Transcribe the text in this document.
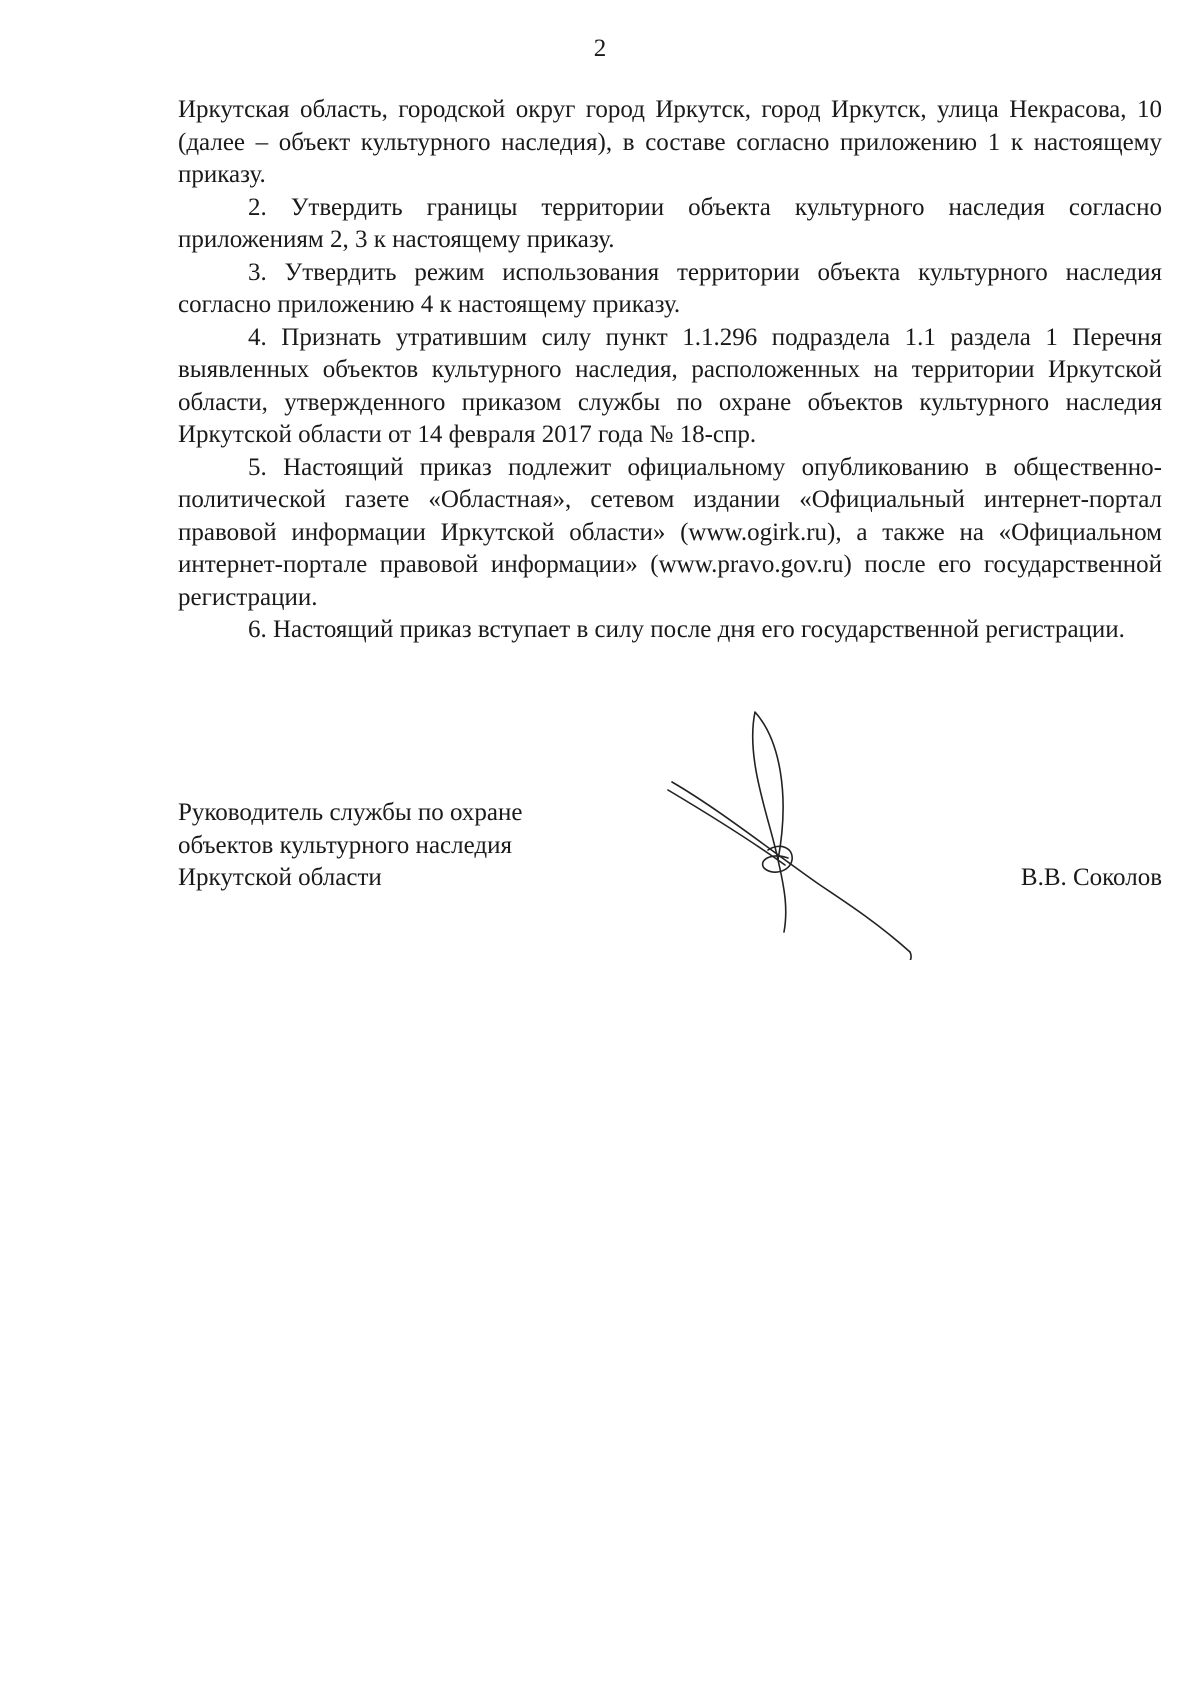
2

Иркутская область, городской округ город Иркутск, город Иркутск, улица Некрасова, 10 (далее – объект культурного наследия), в составе согласно приложению 1 к настоящему приказу.

2. Утвердить границы территории объекта культурного наследия согласно приложениям 2, 3 к настоящему приказу.

3. Утвердить режим использования территории объекта культурного наследия согласно приложению 4 к настоящему приказу.

4. Признать утратившим силу пункт 1.1.296 подраздела 1.1 раздела 1 Перечня выявленных объектов культурного наследия, расположенных на территории Иркутской области, утвержденного приказом службы по охране объектов культурного наследия Иркутской области от 14 февраля 2017 года № 18-спр.

5. Настоящий приказ подлежит официальному опубликованию в общественно-политической газете «Областная», сетевом издании «Официальный интернет-портал правовой информации Иркутской области» (www.ogirk.ru), а также на «Официальном интернет-портале правовой информации» (www.pravo.gov.ru) после его государственной регистрации.

6. Настоящий приказ вступает в силу после дня его государственной регистрации.

Руководитель службы по охране
объектов культурного наследия
Иркутской области	В.В. Соколов
